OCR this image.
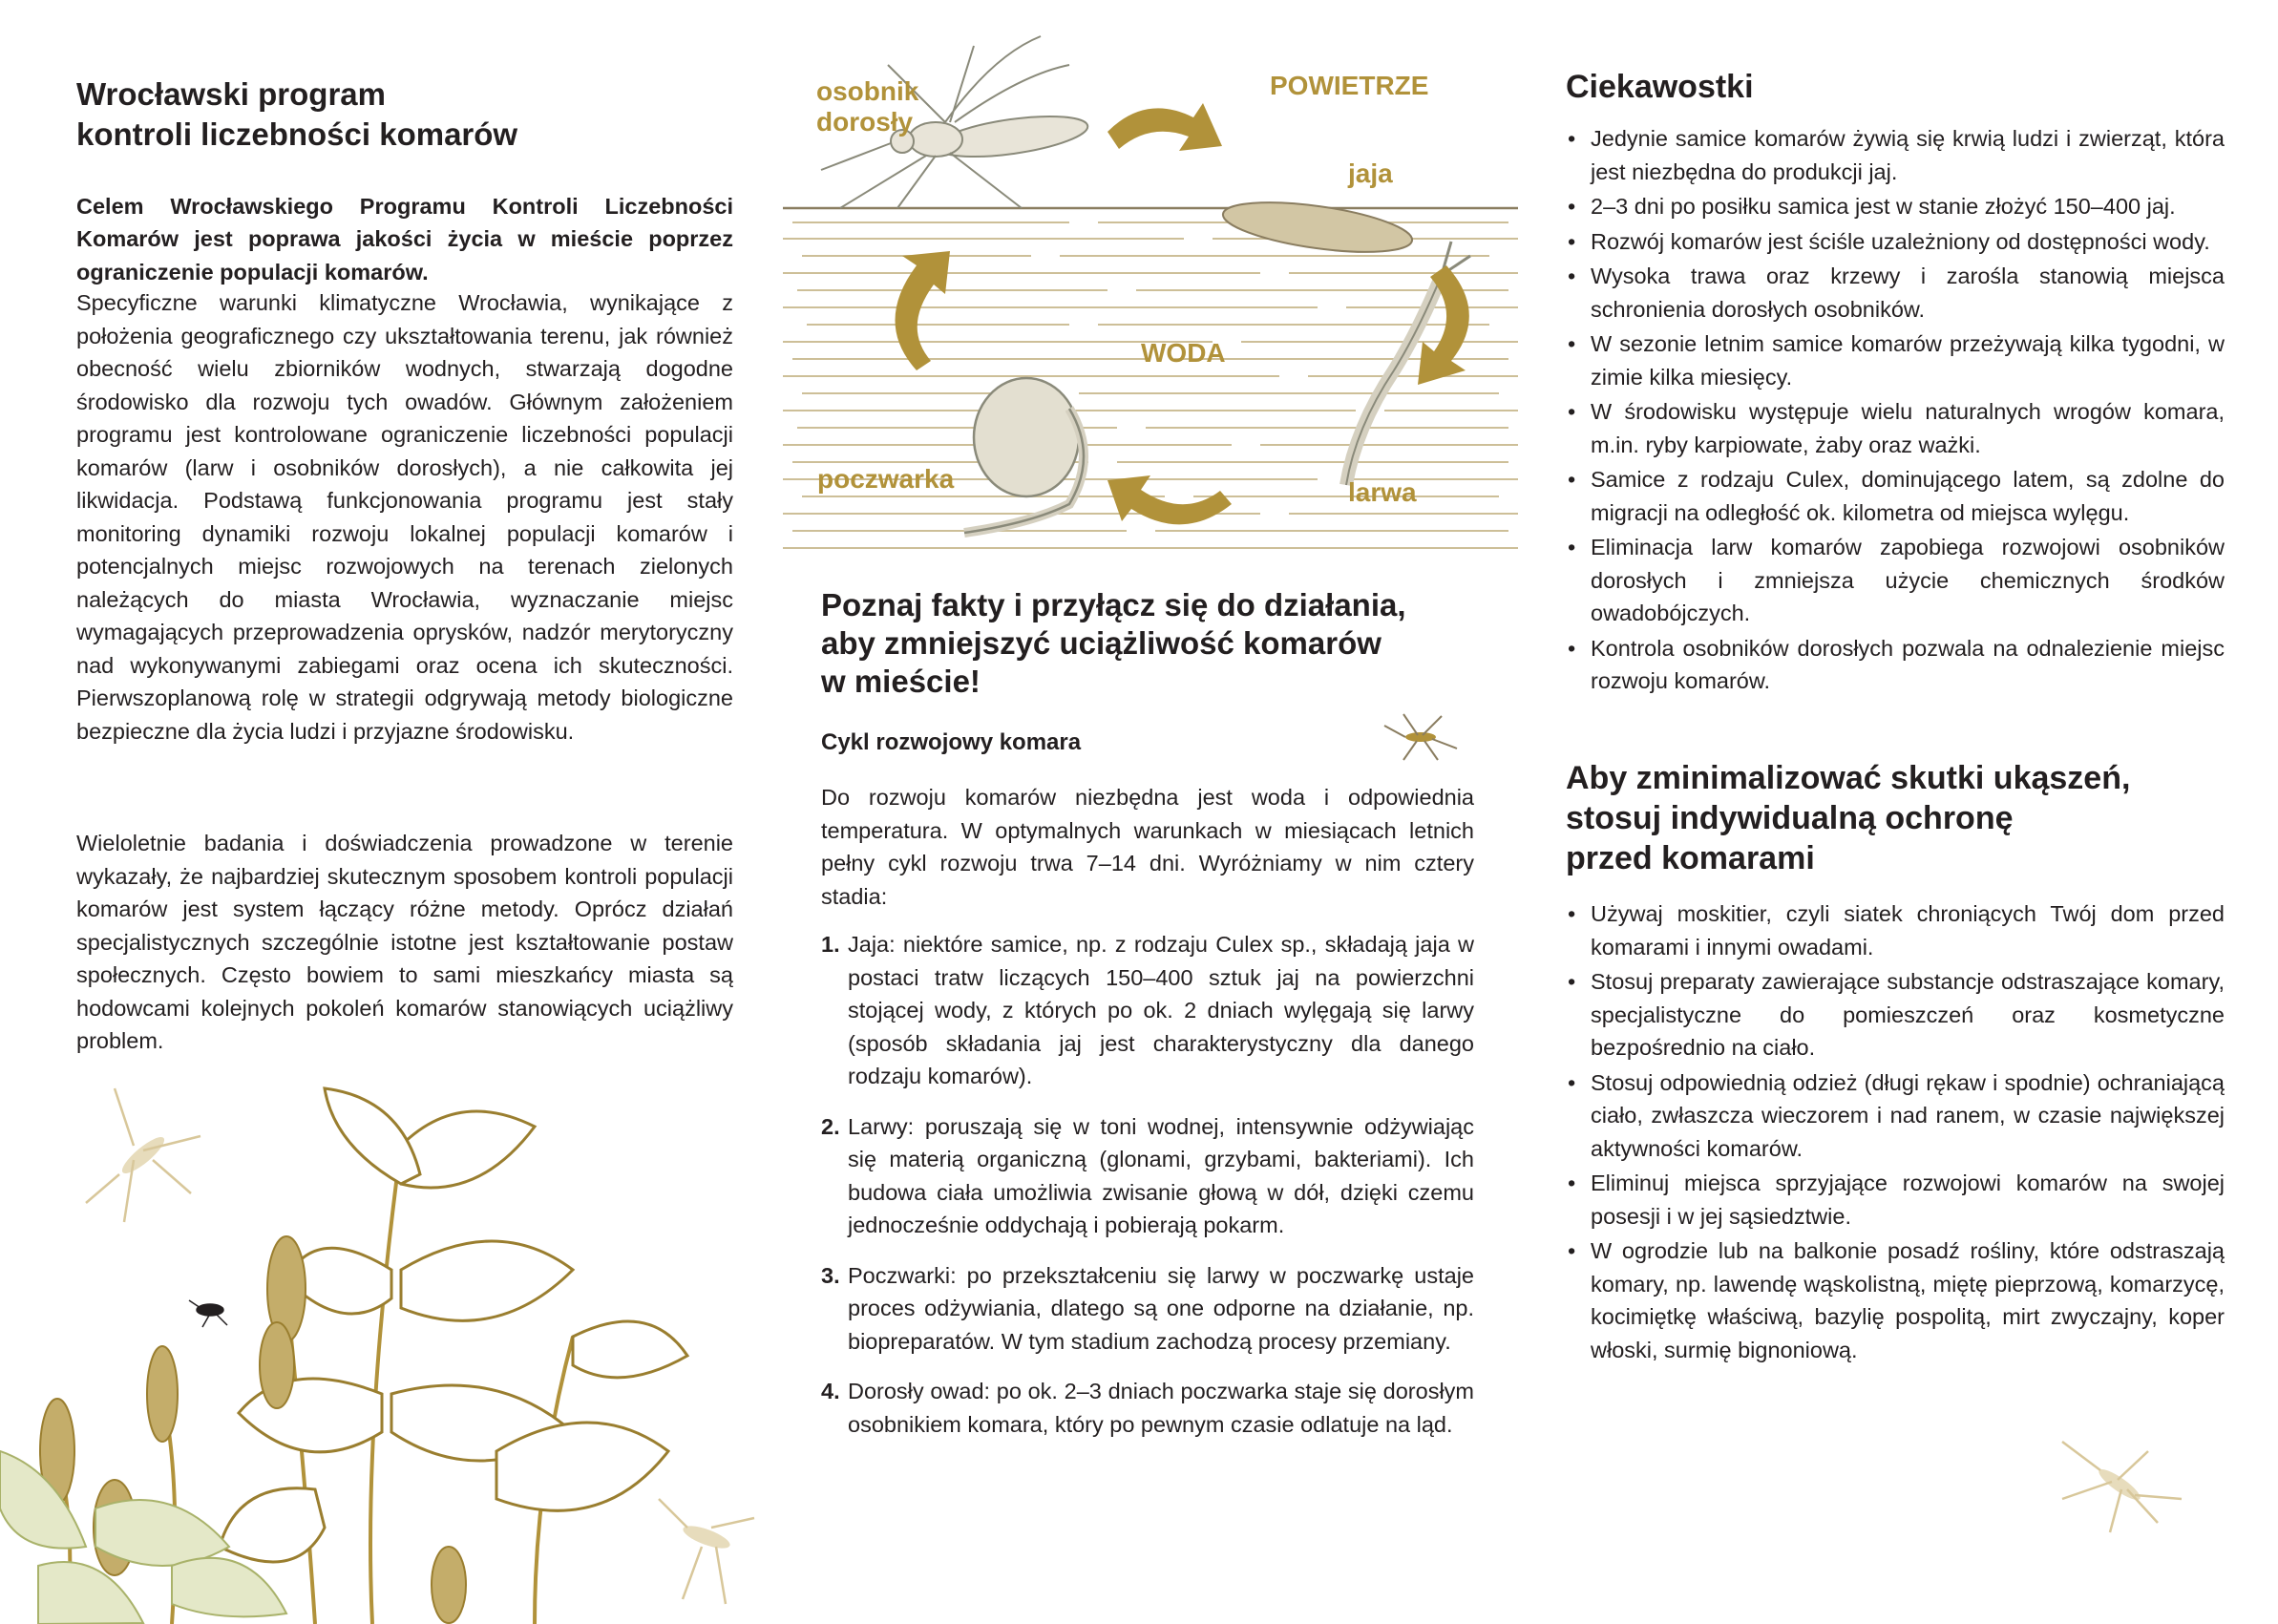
Wrocławski program
kontroli liczebności komarów

Celem Wrocławskiego Programu Kontroli Liczebności Komarów jest poprawa jakości życia w mieście poprzez ograniczenie populacji komarów.

Specyficzne warunki klimatyczne Wrocławia, wynikające z położenia geograficznego czy ukształtowania terenu, jak również obecność wielu zbiorników wodnych, stwarzają dogodne środowisko dla rozwoju tych owadów. Głównym założeniem programu jest kontrolowane ograniczenie liczebności populacji komarów (larw i osobników dorosłych), a nie całkowita jej likwidacja. Podstawą funkcjonowania programu jest stały monitoring dynamiki rozwoju lokalnej populacji komarów i potencjalnych miejsc rozwojowych na terenach zielonych należących do miasta Wrocławia, wyznaczanie miejsc wymagających przeprowadzenia oprysków, nadzór merytoryczny nad wykonywanymi zabiegami oraz ocena ich skuteczności. Pierwszoplanową rolę w strategii odgrywają metody biologiczne bezpieczne dla życia ludzi i przyjazne środowisku.

Wieloletnie badania i doświadczenia prowadzone w terenie wykazały, że najbardziej skutecznym sposobem kontroli populacji komarów jest system łączący różne metody. Oprócz działań specjalistycznych szczególnie istotne jest kształtowanie postaw społecznych. Często bowiem to sami mieszkańcy miasta są hodowcami kolejnych pokoleń komarów stanowiących uciążliwy problem.

osobnik
dorosły
POWIETRZE
jaja
WODA
poczwarka	larwa
Poznaj fakty i przyłącz się do działania,
aby zmniejszyć uciążliwość komarów
w mieście!
Cykl rozwojowy komara

Do rozwoju komarów niezbędna jest woda i odpowiednia temperatura. W optymalnych warunkach w miesiącach letnich pełny cykl rozwoju trwa 7–14 dni. Wyróżniamy w nim cztery stadia:

1. Jaja: niektóre samice, np. z rodzaju Culex sp., składają jaja w postaci tratw liczących 150–400 sztuk jaj na powierzchni stojącej wody, z których po ok. 2 dniach wylęgają się larwy (sposób składania jaj jest charakterystyczny dla danego rodzaju komarów).
2. Larwy: poruszają się w toni wodnej, intensywnie odżywiając się materią organiczną (glonami, grzybami, bakteriami). Ich budowa ciała umożliwia zwisanie głową w dół, dzięki czemu jednocześnie oddychają i pobierają pokarm.
3. Poczwarki: po przekształceniu się larwy w poczwarkę ustaje proces odżywiania, dlatego są one odporne na działanie, np. biopreparatów. W tym stadium zachodzą procesy przemiany.
4. Dorosły owad: po ok. 2–3 dniach poczwarka staje się dorosłym osobnikiem komara, który po pewnym czasie odlatuje na ląd.
Ciekawostki
• Jedynie samice komarów żywią się krwią ludzi i zwierząt, która jest niezbędna do produkcji jaj.
• 2–3 dni po posiłku samica jest w stanie złożyć 150–400 jaj.
• Rozwój komarów jest ściśle uzależniony od dostępności wody.
• Wysoka trawa oraz krzewy i zarośla stanowią miejsca schronienia dorosłych osobników.
• W sezonie letnim samice komarów przeżywają kilka tygodni, w zimie kilka miesięcy.
• W środowisku występuje wielu naturalnych wrogów komara, m.in. ryby karpiowate, żaby oraz ważki.
• Samice z rodzaju Culex, dominującego latem, są zdolne do migracji na odległość ok. kilometra od miejsca wylęgu.
• Eliminacja larw komarów zapobiega rozwojowi osobników dorosłych i zmniejsza użycie chemicznych środków owadobójczych.
• Kontrola osobników dorosłych pozwala na odnalezienie miejsc rozwoju komarów.
Aby zminimalizować skutki ukąszeń,
stosuj indywidualną ochronę
przed komarami
• Używaj moskitier, czyli siatek chroniących Twój dom przed komarami i innymi owadami.
• Stosuj preparaty zawierające substancje odstraszające komary, specjalistyczne do pomieszczeń oraz kosmetyczne bezpośrednio na ciało.
• Stosuj odpowiednią odzież (długi rękaw i spodnie) ochraniającą ciało, zwłaszcza wieczorem i nad ranem, w czasie największej aktywności komarów.
• Eliminuj miejsca sprzyjające rozwojowi komarów na swojej posesji i w jej sąsiedztwie.
• W ogrodzie lub na balkonie posadź rośliny, które odstraszają komary, np. lawendę wąskolistną, miętę pieprzową, komarzycę, kocimiętkę właściwą, bazylię pospolitą, mirt zwyczajny, koper włoski, surmię bignoniową.
